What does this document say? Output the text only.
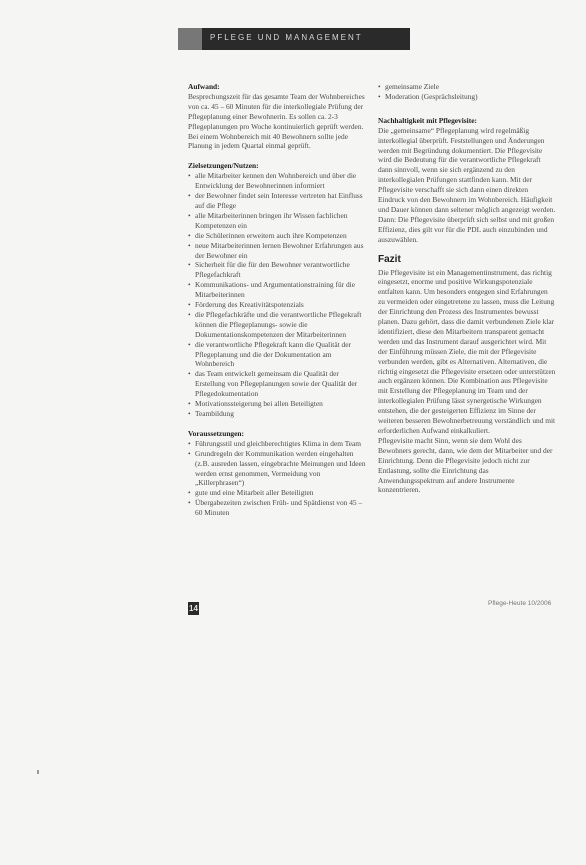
PFLEGE UND MANAGEMENT
Aufwand:

Besprechungszeit für das gesamte Team der Wohnbereiches von ca. 45 – 60 Minuten für die interkollegiale Prüfung der Pflegeplanung einer Bewohnerin. Es sollen ca. 2-3 Pflegeplanungen pro Woche kontinuierlich geprüft werden. Bei einem Wohnbereich mit 40 Bewohnern sollte jede Planung in jedem Quartal einmal geprüft.

Zielsetzungen/Nutzen:
• alle Mitarbeiter kennen den Wohnbereich und über die Entwicklung der Bewohnerinnen informiert
• der Bewohner findet sein Interesse vertreten hat Einfluss auf die Pflege
• alle Mitarbeiterinnen bringen ihr Wissen fachlichen Kompetenzen ein
• die Schülerinnen erweitern auch ihre Kompetenzen
• neue Mitarbeiterinnen lernen Bewohner Erfahrungen aus der Bewohner ein
• Sicherheit für die für den Bewohner verantwortliche Pflegefachkraft
• Kommunikations- und Argumentationstraining für die Mitarbeiterinnen
• Förderung des Kreativitätspotenzials
• die Pflegefachkräfte und die verantwortliche Pflegekraft können die Pflegeplanungs- sowie die Dokumentationskompetenzen der Mitarbeiterinnen
• die verantwortliche Pflegekraft kann die Qualität der Pflegeplanung und die der Dokumentation am Wohnbereich
• das Team entwickelt gemeinsam die Qualität der Erstellung von Pflegeplanungen sowie der Qualität der Pflegedokumentation
• Motivationssteigerung bei allen Beteiligten
• Teambildung
Voraussetzungen:
• Führungsstil und gleichberechtigtes Klima in dem Team
• Grundregeln der Kommunikation werden eingehalten (z.B. ausreden lassen, eingebrachte Meinungen und Ideen werden ernst genommen, Vermeidung von „Killerphrasen“)
• gute und eine Mitarbeit aller Beteiligten
• Übergabezeiten zwischen Früh- und Spätdienst von 45 – 60 Minuten
• gemeinsame Ziele
• Moderation (Gesprächsleitung)
Nachhaltigkeit mit Pflegevisite:

Die „gemeinsame“ Pflegeplanung wird regelmäßig interkollegial überprüft. Feststellungen und Änderungen werden mit Begründung dokumentiert. Die Pflegevisite wird die Bedeutung für die verantwortliche Pflegekraft dann sinnvoll, wenn sie sich ergänzend zu den interkollegialen Prüfungen stattfinden kann. Mit der Pflegevisite verschafft sie sich dann einen direkten Eindruck von den Bewohnern im Wohnbereich. Häufigkeit und Dauer können dann seltener möglich angezeigt werden. Dann: Die Pflegevisite überprüft sich selbst und mit großen Effizienz, dies gilt vor für die PDL auch einzubinden und auszuwählen.

Fazit

Die Pflegevisite ist ein Managementinstrument, das richtig eingesetzt, enorme und positive Wirkungspotenziale entfalten kann. Um besonders entgegen sind Erfahrungen zu vermeiden oder eingetretene zu lassen, muss die Leitung der Einrichtung den Prozess des Instrumentes bewusst planen. Dazu gehört, dass die damit verbundenen Ziele klar identifiziert, diese den Mitarbeitern transparent gemacht werden und das Instrument darauf ausgerichtet wird. Mit der Einführung müssen Ziele, die mit der Pflegevisite verbunden werden, gibt es Alternativen. Alternativen, die richtig eingesetzt die Pflegevisite ersetzen oder unterstützen auch ergänzen können. Die Kombination aus Pflegevisite mit Erstellung der Pflegeplanung im Team und der interkollegialen Prüfung lässt synergetische Wirkungen entstehen, die der gesteigerten Effizienz im Sinne der weiteren besseren Bewohnerbetreuung verständlich und mit erforderlichen Aufwand einkalkuliert.

Pflegevisite macht Sinn, wenn sie dem Wohl des Bewohners gerecht, dann, wie dem der Mitarbeiter und der Einrichtung. Denn die Pflegevisite jedoch nicht zur Entlastung, sollte die Einrichtung das Anwendungsspektrum auf andere Instrumente konzentrieren.

14
Pflege-Heute 10/2006
